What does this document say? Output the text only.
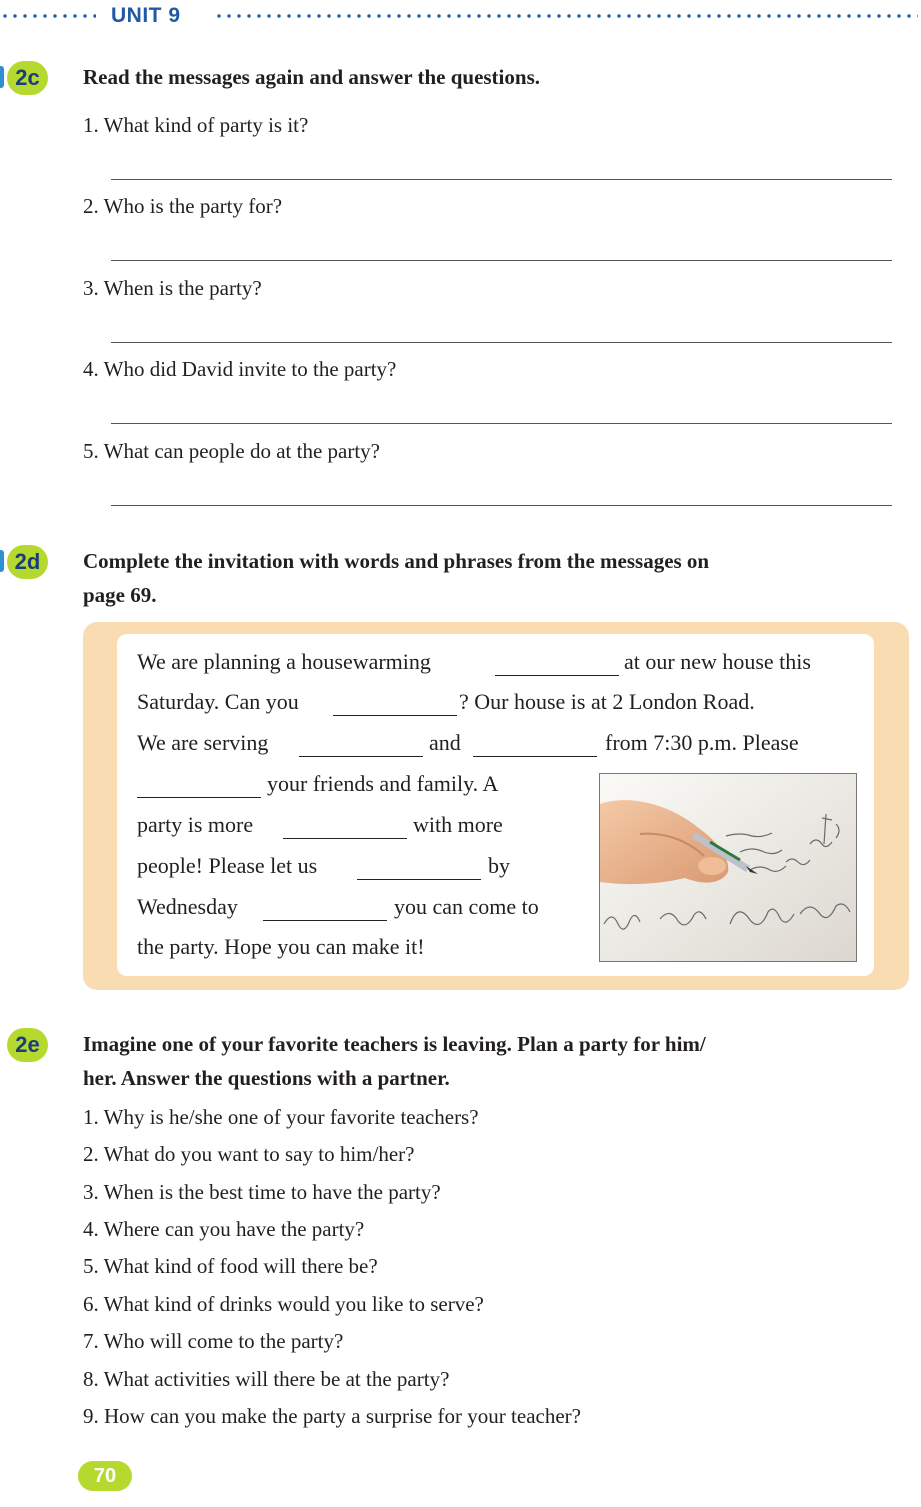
UNIT 9
2c	Read the messages again and answer the questions.
1. What kind of party is it?
2. Who is the party for?
3. When is the party?
4. Who did David invite to the party?
5. What can people do at the party?
2d	Complete the invitation with words and phrases from the messages on
page 69.
We are planning a housewarming	at our new house this
Saturday. Can you	? Our house is at 2 London Road.
We are serving	and	from 7:30 p.m. Please
your friends and family. A
party is more	with more
people! Please let us	by
Wednesday	you can come to
the party. Hope you can make it!
2e	Imagine one of your favorite teachers is leaving. Plan a party for him/
her. Answer the questions with a partner.
1. Why is he/she one of your favorite teachers?
2. What do you want to say to him/her?
3. When is the best time to have the party?
4. Where can you have the party?
5. What kind of food will there be?
6. What kind of drinks would you like to serve?
7. Who will come to the party?
8. What activities will there be at the party?
9. How can you make the party a surprise for your teacher?
70
